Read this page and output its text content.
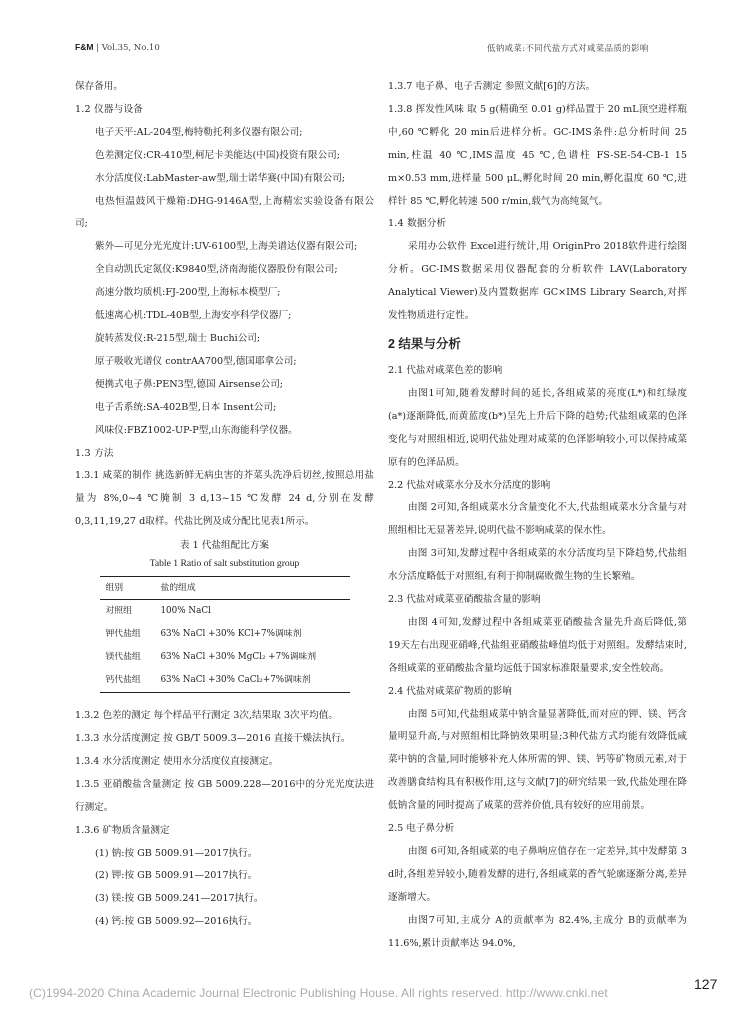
F&M | Vol.35, No.10	低钠咸菜:不同代盐方式对咸菜品质的影响

保存备用。

1.2 仪器与设备

电子天平:AL-204型,梅特勒托利多仪器有限公司;

色差测定仪:CR-410型,柯尼卡美能达(中国)投资有限公司;

水分活度仪:LabMaster-aw型,瑞士诺华赛(中国)有限公司;

电热恒温鼓风干燥箱:DHG-9146A型,上海精宏实验设备有限公司;

紫外—可见分光光度计:UV-6100型,上海美谱达仪器有限公司;

全自动凯氏定氮仪:K9840型,济南海能仪器股份有限公司;

高速分散均质机:FJ-200型,上海标本模型厂;

低速离心机:TDL-40B型,上海安亭科学仪器厂;

旋转蒸发仪:R-215型,瑞士 Buchi公司;

原子吸收光谱仪 contrAA700型,德国耶拿公司;

便携式电子鼻:PEN3型,德国 Airsense公司;

电子舌系统:SA-402B型,日本 Insent公司;

风味仪:FBZ1002-UP-P型,山东海能科学仪器。

1.3 方法

1.3.1 咸菜的制作 挑选新鲜无病虫害的芥菜头洗净后切丝,按照总用盐量为 8%,0~4 ℃腌制 3 d,13~15 ℃发酵 24 d,分别在发酵 0,3,11,19,27 d取样。代盐比例及成分配比见表1所示。

表 1 代盐组配比方案
Table 1 Ratio of salt substitution group
组别	盐的组成
对照组	100% NaCl
钾代盐组	63% NaCl +30% KCl+7%调味剂
镁代盐组	63% NaCl +30% MgCl₂ +7%调味剂
钙代盐组	63% NaCl +30% CaCl₂+7%调味剂

1.3.2 色差的测定 每个样品平行测定 3次,结果取 3次平均值。

1.3.3 水分活度测定 按 GB/T 5009.3—2016 直接干燥法执行。

1.3.4 水分活度测定 使用水分活度仪直接测定。

1.3.5 亚硝酸盐含量测定 按 GB 5009.228—2016中的分光光度法进行测定。

1.3.6 矿物质含量测定

(1) 钠:按 GB 5009.91—2017执行。

(2) 钾:按 GB 5009.91—2017执行。

(3) 镁:按 GB 5009.241—2017执行。

(4) 钙:按 GB 5009.92—2016执行。

1.3.7 电子鼻、电子舌测定 参照文献[6]的方法。

1.3.8 挥发性风味 取 5 g(精确至 0.01 g)样品置于 20 mL顶空进样瓶中,60 ℃孵化 20 min后进样分析。GC-IMS条件:总分析时间 25 min,柱温 40 ℃,IMS温度 45 ℃,色谱柱 FS-SE-54-CB-1 15 m×0.53 mm,进样量 500 μL,孵化时间 20 min,孵化温度 60 ℃,进样针 85 ℃,孵化转速 500 r/min,载气为高纯氮气。

1.4 数据分析

采用办公软件 Excel进行统计,用 OriginPro 2018软件进行绘图分析。GC-IMS数据采用仪器配套的分析软件 LAV(Laboratory Analytical Viewer)及内置数据库 GC×IMS Library Search,对挥发性物质进行定性。

2 结果与分析

2.1 代盐对咸菜色差的影响

由图1可知,随着发酵时间的延长,各组咸菜的亮度(L*)和红绿度(a*)逐渐降低,而黄蓝度(b*)呈先上升后下降的趋势;代盐组咸菜的色泽变化与对照组相近,说明代盐处理对咸菜的色泽影响较小,可以保持咸菜原有的色泽品质。

2.2 代盐对咸菜水分及水分活度的影响

由图 2可知,各组咸菜水分含量变化不大,代盐组咸菜水分含量与对照组相比无显著差异,说明代盐不影响咸菜的保水性。

由图 3可知,发酵过程中各组咸菜的水分活度均呈下降趋势,代盐组水分活度略低于对照组,有利于抑制腐败微生物的生长繁殖。

2.3 代盐对咸菜亚硝酸盐含量的影响

由图 4可知,发酵过程中各组咸菜亚硝酸盐含量先升高后降低,第 19天左右出现亚硝峰,代盐组亚硝酸盐峰值均低于对照组。发酵结束时,各组咸菜的亚硝酸盐含量均远低于国家标准限量要求,安全性较高。

2.4 代盐对咸菜矿物质的影响

由图 5可知,代盐组咸菜中钠含量显著降低,而对应的钾、镁、钙含量明显升高,与对照组相比降钠效果明显;3种代盐方式均能有效降低咸菜中钠的含量,同时能够补充人体所需的钾、镁、钙等矿物质元素,对于改善膳食结构具有积极作用,这与文献[7]的研究结果一致,代盐处理在降低钠含量的同时提高了咸菜的营养价值,具有较好的应用前景。

2.5 电子鼻分析

由图 6可知,各组咸菜的电子鼻响应值存在一定差异,其中发酵第 3 d时,各组差异较小,随着发酵的进行,各组咸菜的香气轮廓逐渐分离,差异逐渐增大。

由图7可知,主成分 A的贡献率为 82.4%,主成分 B的贡献率为 11.6%,累计贡献率达 94.0%,

(C)1994-2020 China Academic Journal Electronic Publishing House. All rights reserved. http://www.cnki.net
127
